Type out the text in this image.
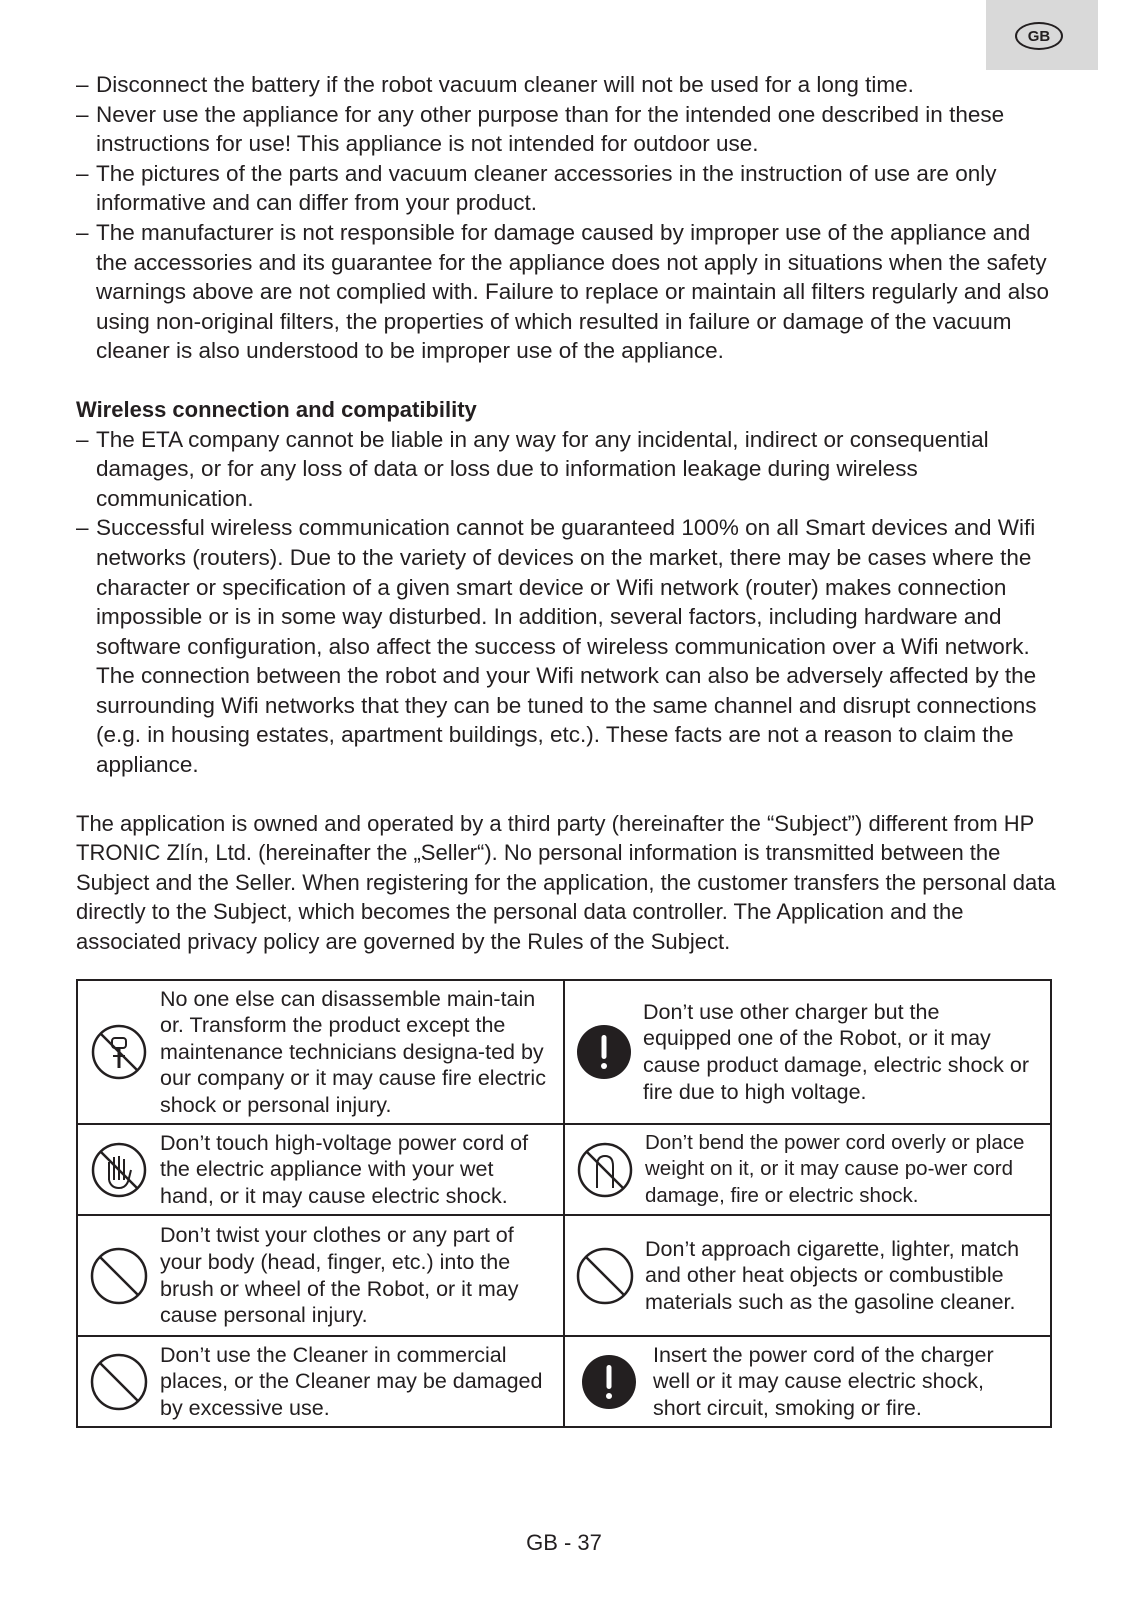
GB
– Disconnect the battery if the robot vacuum cleaner will not be used for a long time.
– Never use the appliance for any other purpose than for the intended one described in these instructions for use! This appliance is not intended for outdoor use.
– The pictures of the parts and vacuum cleaner accessories in the instruction of use are only informative and can differ from your product.
– The manufacturer is not responsible for damage caused by improper use of the appliance and the accessories and its guarantee for the appliance does not apply in situations when the safety warnings above are not complied with. Failure to replace or maintain all filters regularly and also using non-original filters, the properties of which resulted in failure or damage of the vacuum cleaner is also understood to be improper use of the appliance.
Wireless connection and compatibility
– The ETA company cannot be liable in any way for any incidental, indirect or consequential damages, or for any loss of data or loss due to information leakage during wireless communication.
– Successful wireless communication cannot be guaranteed 100% on all Smart devices and Wifi networks (routers). Due to the variety of devices on the market, there may be cases where the character or specification of a given smart device or Wifi network (router) makes connection impossible or is in some way disturbed. In addition, several factors, including hardware and software configuration, also affect the success of wireless communication over a Wifi network. The connection between the robot and your Wifi network can also be adversely affected by the surrounding Wifi networks that they can be tuned to the same channel and disrupt connections (e.g. in housing estates, apartment buildings, etc.). These facts are not a reason to claim the appliance.

The application is owned and operated by a third party (hereinafter the “Subject”) different from HP TRONIC Zlín, Ltd. (hereinafter the „Seller“). No personal information is transmitted between the Subject and the Seller. When registering for the application, the customer transfers the personal data directly to the Subject, which becomes the personal data controller. The Application and the associated privacy policy are governed by the Rules of the Subject.

No one else can disassemble main-tain or. Transform the product except the maintenance technicians designa-ted by our company or it may cause fire electric shock or personal injury.	Don’t use other charger but the equipped one of the Robot, or it may cause product damage, electric shock or fire due to high voltage.

Don’t touch high-voltage power cord of the electric appliance with your wet hand, or it may cause electric shock.	Don’t bend the power cord overly or place weight on it, or it may cause po-wer cord damage, fire or electric shock.

Don’t twist your clothes or any part of your body (head, finger, etc.) into the brush or wheel of the Robot, or it may cause personal injury.	Don’t approach cigarette, lighter, match and other heat objects or combustible materials such as the gasoline cleaner.

Don’t use the Cleaner in commercial places, or the Cleaner may be damaged by excessive use.	Insert the power cord of the charger well or it may cause electric shock, short circuit, smoking or fire.
GB - 37
